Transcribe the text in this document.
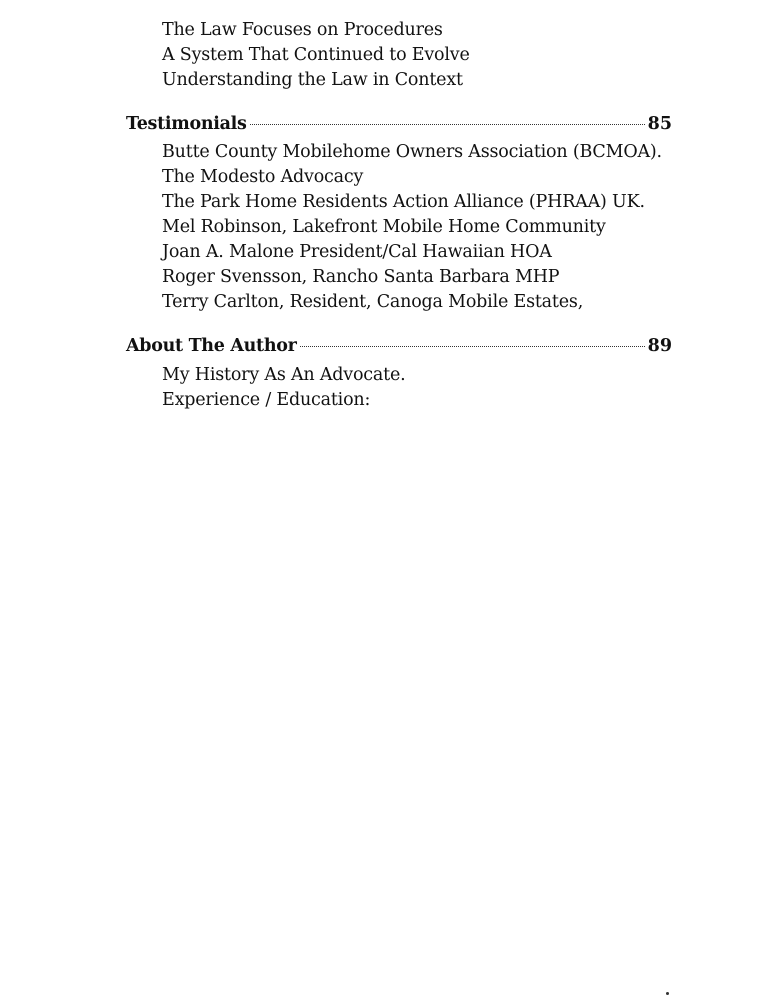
The Law Focuses on Procedures
A System That Continued to Evolve
Understanding the Law in Context
Testimonials	85
Butte County Mobilehome Owners Association (BCMOA).
The Modesto Advocacy
The Park Home Residents Action Alliance (PHRAA) UK.
Mel Robinson, Lakefront Mobile Home Community
Joan A. Malone President/Cal Hawaiian HOA
Roger Svensson, Rancho Santa Barbara MHP
Terry Carlton, Resident, Canoga Mobile Estates,
About The Author	89
My History As An Advocate.
Experience / Education:
